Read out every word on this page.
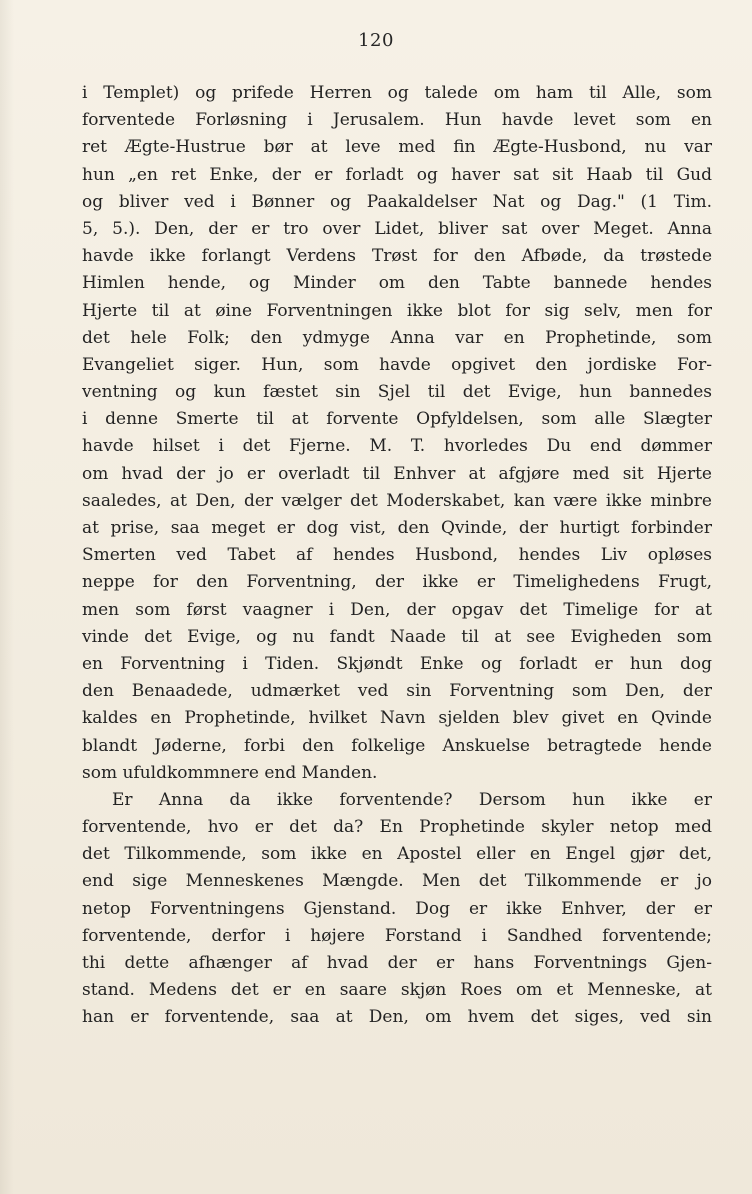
120
i Templet) og prifede Herren og talede om ham til Alle, som
forventede Forløsning i Jerusalem. Hun havde levet som en
ret Ægte-Hustrue bør at leve med fin Ægte-Husbond, nu var
hun „en ret Enke, der er forladt og haver sat sit Haab til Gud
og bliver ved i Bønner og Paakaldelser Nat og Dag." (1 Tim.
5, 5.). Den, der er tro over Lidet, bliver sat over Meget. Anna
havde ikke forlangt Verdens Trøst for den Afbøde, da trøstede
Himlen hende, og Minder om den Tabte bannede hendes
Hjerte til at øine Forventningen ikke blot for sig selv, men for
det hele Folk; den ydmyge Anna var en Prophetinde, som
Evangeliet siger. Hun, som havde opgivet den jordiske For-
ventning og kun fæstet sin Sjel til det Evige, hun bannedes
i denne Smerte til at forvente Opfyldelsen, som alle Slægter
havde hilset i det Fjerne. M. T. hvorledes Du end dømmer
om hvad der jo er overladt til Enhver at afgjøre med sit Hjerte
saaledes, at Den, der vælger det Moderskabet, kan være ikke minbre
at prise, saa meget er dog vist, den Qvinde, der hurtigt forbinder
Smerten ved Tabet af hendes Husbond, hendes Liv opløses
neppe for den Forventning, der ikke er Timelighedens Frugt,
men som først vaagner i Den, der opgav det Timelige for at
vinde det Evige, og nu fandt Naade til at see Evigheden som
en Forventning i Tiden. Skjøndt Enke og forladt er hun dog
den Benaadede, udmærket ved sin Forventning som Den, der
kaldes en Prophetinde, hvilket Navn sjelden blev givet en Qvinde
blandt Jøderne, forbi den folkelige Anskuelse betragtede hende
som ufuldkommnere end Manden.
Er Anna da ikke forventende? Dersom hun ikke er
forventende, hvo er det da? En Prophetinde skyler netop med
det Tilkommende, som ikke en Apostel eller en Engel gjør det,
end sige Menneskenes Mængde. Men det Tilkommende er jo
netop Forventningens Gjenstand. Dog er ikke Enhver, der er
forventende, derfor i højere Forstand i Sandhed forventende;
thi dette afhænger af hvad der er hans Forventnings Gjen-
stand. Medens det er en saare skjøn Roes om et Menneske, at
han er forventende, saa at Den, om hvem det siges, ved sin
